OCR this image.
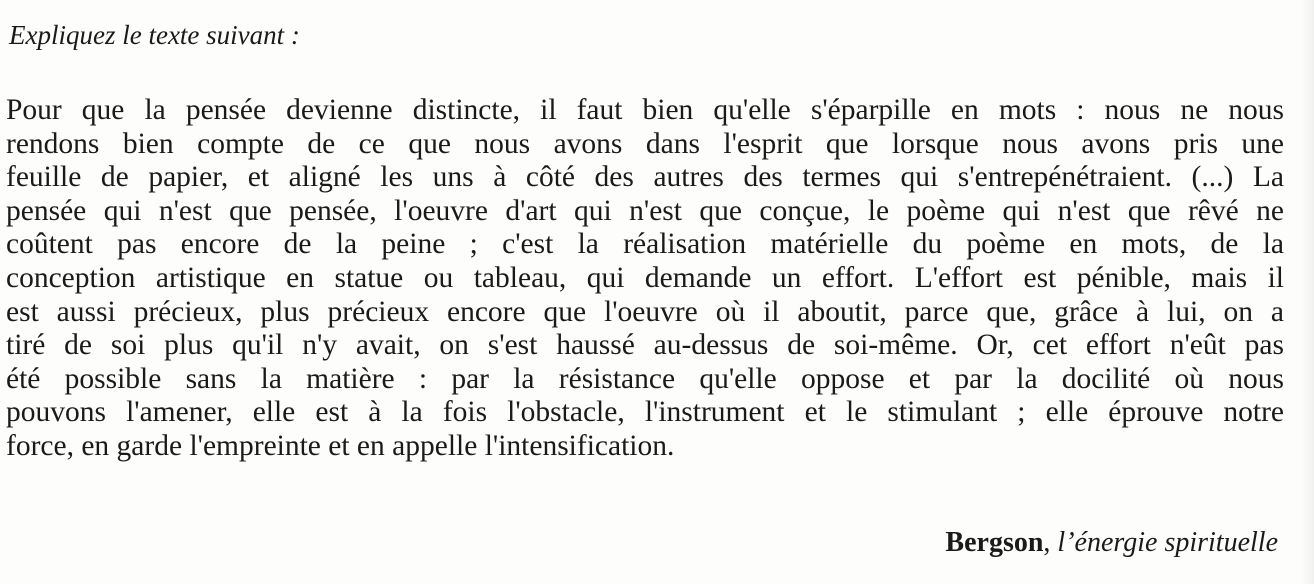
Expliquez le texte suivant :
Pour que la pensée devienne distincte, il faut bien qu'elle s'éparpille en mots : nous ne nous
rendons bien compte de ce que nous avons dans l'esprit que lorsque nous avons pris une
feuille de papier, et aligné les uns à côté des autres des termes qui s'entrepénétraient. (...) La
pensée qui n'est que pensée, l'oeuvre d'art qui n'est que conçue, le poème qui n'est que rêvé ne
coûtent pas encore de la peine ; c'est la réalisation matérielle du poème en mots, de la
conception artistique en statue ou tableau, qui demande un effort. L'effort est pénible, mais il
est aussi précieux, plus précieux encore que l'oeuvre où il aboutit, parce que, grâce à lui, on a
tiré de soi plus qu'il n'y avait, on s'est haussé au-dessus de soi-même. Or, cet effort n'eût pas
été possible sans la matière : par la résistance qu'elle oppose et par la docilité où nous
pouvons l'amener, elle est à la fois l'obstacle, l'instrument et le stimulant ; elle éprouve notre
force, en garde l'empreinte et en appelle l'intensification.
Bergson, l’énergie spirituelle
